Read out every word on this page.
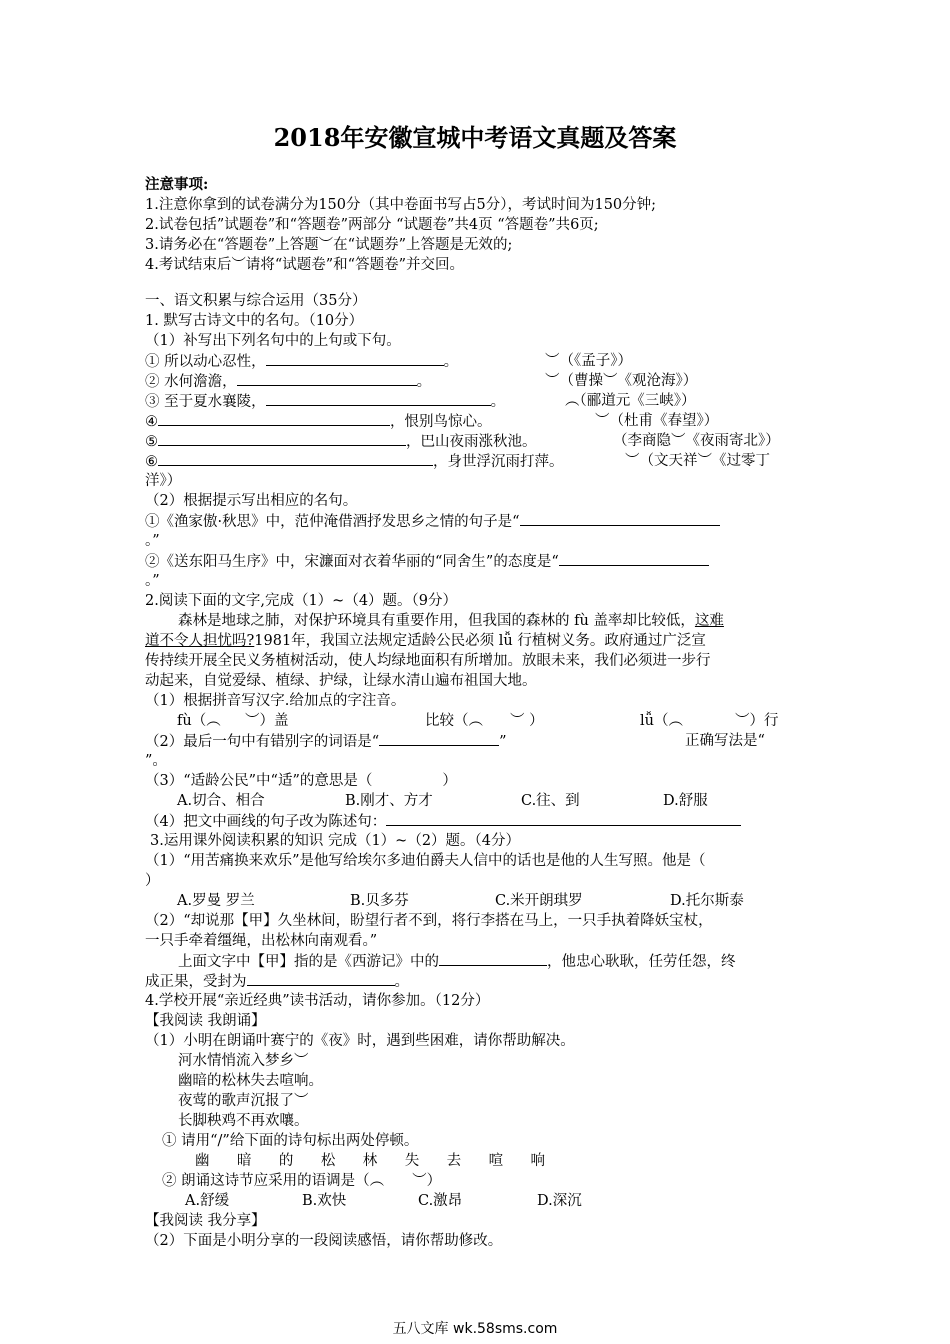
2018年安徽宣城中考语文真题及答案
注意事项:
1.注意你拿到的试卷满分为150分（其中卷面书写占5分），考试时间为150分钟;
2.试卷包括”试题卷”和“答题卷”两部分 “试题卷”共4页 “答题卷”共6页;
3.请务必在“答题卷”上答题︶在“试题券”上答题是无效的;
4.考试结束后︶请将“试题卷”和“答题卷”并交回。
一、语文积累与综合运用（35分）
1. 默写古诗文中的名句。（10分）
（1）补写出下列名句中的上句或下句。
① 所以动心忍性，	。	︶（《孟子》）
② 水何澹澹，	。	︶（曹操︶《观沧海》）
③ 至于夏水襄陵，	。	︵（郦道元《三峡》）
④	，恨别鸟惊心。	︶（杜甫《春望》）
⑤	，巴山夜雨涨秋池。	（李商隐︶《夜雨寄北》）
⑥	，身世浮沉雨打萍。	︶（文天祥︶《过零丁
洋》）
（2）根据提示写出相应的名句。
①《渔家傲·秋思》中，范仲淹借酒抒发思乡之情的句子是“
。”
②《送东阳马生序》中，宋濂面对衣着华丽的“同舍生”的态度是“
。”
2.阅读下面的文字,完成（1）~（4）题。（9分）
森林是地球之肺，对保护环境具有重要作用，但我国的森林的 fù 盖率却比较低，这难
道不令人担忧吗?1981年，我国立法规定适龄公民必须 lǚ 行植树义务。政府通过广泛宣
传持续开展全民义务植树活动，使人均绿地面积有所增加。放眼未来，我们必须进一步行
动起来，自觉爱绿、植绿、护绿，让绿水清山遍布祖国大地。
（1）根据拼音写汉字.给加点的字注音。
fù（︵ ︶）盖	比较（︵ ︶ ）	lǚ（︵	︶）行
（2）最后一句中有错别字的词语是“	”	正确写法是“
”。
（3）“适龄公民”中“适”的意思是（	）
A.切合、相合	B.刚才、方才	C.往、到	D.舒服
（4）把文中画线的句子改为陈述句：
3.运用课外阅读积累的知识 完成（1）~（2）题。（4分）
（1）“用苦痛换来欢乐”是他写给埃尔多迪伯爵夫人信中的话也是他的人生写照。他是（
）
A.罗曼 罗兰	B.贝多芬	C.米开朗琪罗	D.托尔斯泰
（2）“却说那【甲】久坐林间，盼望行者不到，将行李搭在马上，一只手执着降妖宝杖，
一只手牵着缰绳，出松林向南观看。”
上面文字中【甲】指的是《西游记》中的	，他忠心耿耿，任劳任怨，终
成正果，受封为	。
4.学校开展“亲近经典”读书活动，请你参加。（12分）
【我阅读 我朗诵】
（1）小明在朗诵叶赛宁的《夜》时，遇到些困难，请你帮助解决。
河水情悄流入梦乡︶
幽暗的松林失去喧响。
夜莺的歌声沉报了︶
长脚秧鸡不再欢嚷。
① 请用“/”给下面的诗句标出两处停顿。
幽 暗 的 松 林 失 去 喧 响
② 朗诵这诗节应采用的语调是（︵ ︶）
A.舒缓	B.欢快	C.激昂	D.深沉
【我阅读 我分享】
（2）下面是小明分享的一段阅读感悟，请你帮助修改。
五八文库 wk.58sms.com
